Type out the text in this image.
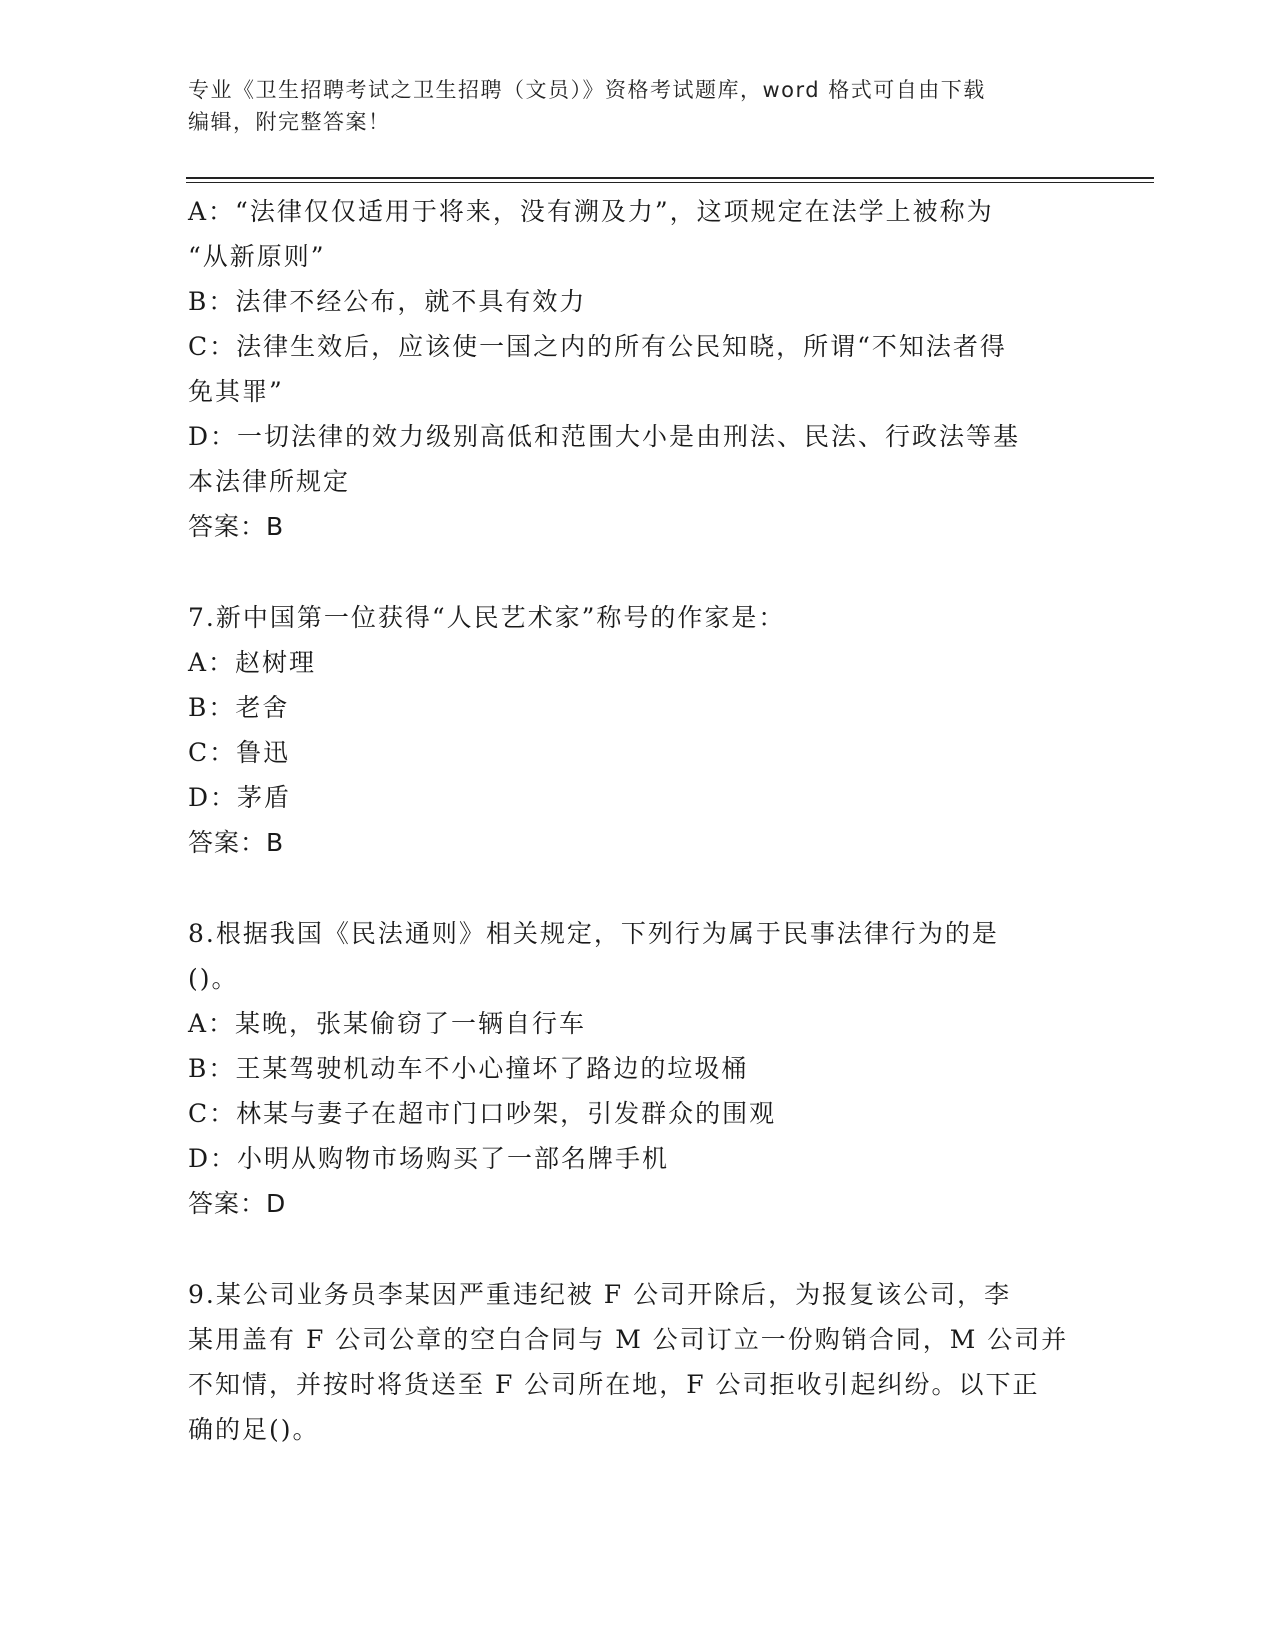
专业《卫生招聘考试之卫生招聘（文员）》资格考试题库，word 格式可自由下载
编辑，附完整答案！
A：“法律仅仅适用于将来，没有溯及力”，这项规定在法学上被称为
“从新原则”
B：法律不经公布，就不具有效力
C：法律生效后，应该使一国之内的所有公民知晓，所谓“不知法者得
免其罪”
D：一切法律的效力级别高低和范围大小是由刑法、民法、行政法等基
本法律所规定
答案：B
7.新中国第一位获得“人民艺术家”称号的作家是：
A：赵树理
B：老舍
C：鲁迅
D：茅盾
答案：B
8.根据我国《民法通则》相关规定，下列行为属于民事法律行为的是
()。
A：某晚，张某偷窃了一辆自行车
B：王某驾驶机动车不小心撞坏了路边的垃圾桶
C：林某与妻子在超市门口吵架，引发群众的围观
D：小明从购物市场购买了一部名牌手机
答案：D
9.某公司业务员李某因严重违纪被 F 公司开除后，为报复该公司，李
某用盖有 F 公司公章的空白合同与 M 公司订立一份购销合同，M 公司并
不知情，并按时将货送至 F 公司所在地，F 公司拒收引起纠纷。以下正
确的足()。
